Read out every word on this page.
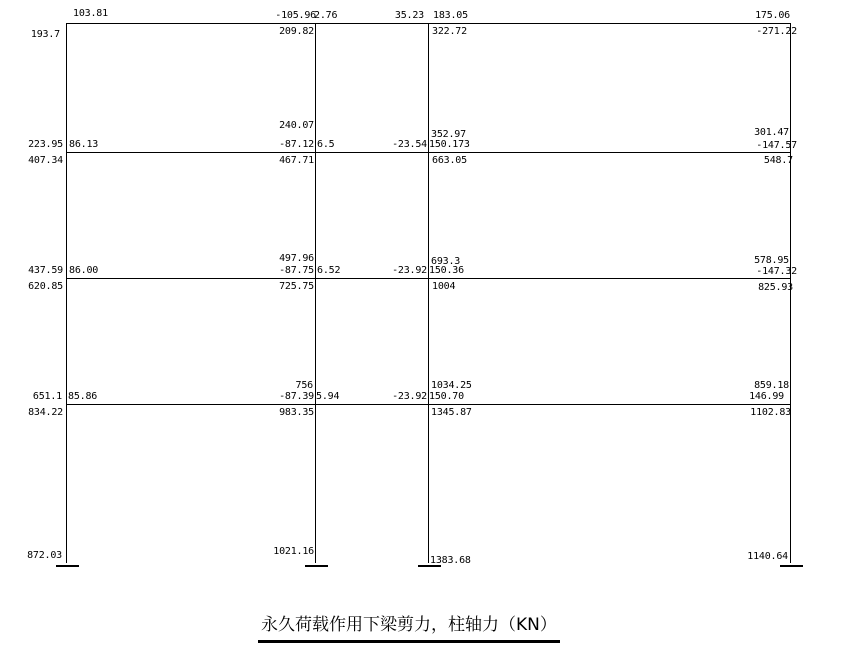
103.81
193.7
-105.96
2.76
209.82
35.23 183.05
322.72
175.06
-271.22
223.95 86.13
407.34
240.07
-87.12 6.5
467.71
352.97
-23.54 150.173
663.05
301.47
-147.57
548.7
437.59 86.00
620.85
497.96
-87.75 6.52
725.75
693.3
-23.92 150.36
1004
578.95
-147.32
825.93
651.1 85.86
834.22
756
-87.39 5.94
983.35
1034.25
-23.92 150.70
1345.87
859.18
146.99
1102.83
872.03	1021.16
1383.68	1140.64
永久荷载作用下梁剪力，柱轴力（KN）
